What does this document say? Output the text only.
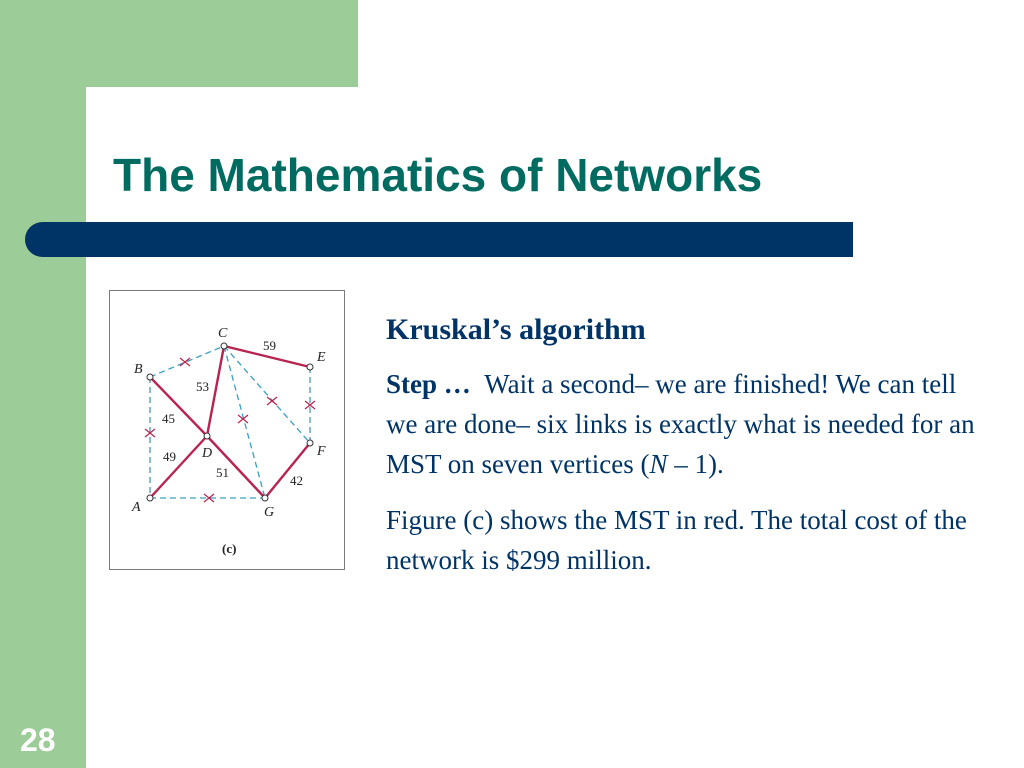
The Mathematics of Networks
C
B
E
D	F
A	G
59
53
45
49
51
42
(c)

Kruskal’s algorithm

Step … Wait a second– we are finished! We can tell we are done– six links is exactly what is needed for an MST on seven vertices (N – 1).

Figure (c) shows the MST in red. The total cost of the network is $299 million.

28
